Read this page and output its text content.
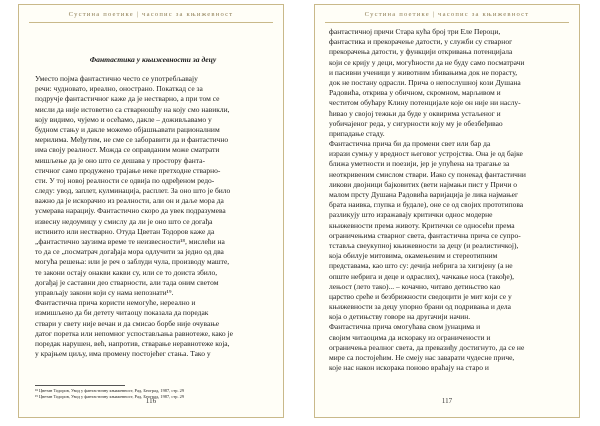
Сустина поетике | часопис за књижевност
Фантастика у књижевности за децу
Уместо појма фантастично често се употребљавају
речи: чудновато, ирeално, онострано. Покаткад се за
подручје фантастичног каже да је нестварно, а при том се
мисли да није истоветно са стварношћу на коју смо навикли,
коју видимо, чујемо и осећамо, дакле – доживљавамо у
будном стању и дакле можемо објашњавати рационалним
мерилима. Међутим, не смe се заборавити да и фантастично
има своју реалност. Мождa се оправдaним може сматрати
мишљење да је оно што се дешава у простору фанта-
стичног само продужено трајање неке претходне стварно-
сти. У тој новој реалности се одвија по одређеном редо-
следу: увод, заплет, кулминација, расплет. За оно што је било
важно да је искорачио из реалности, али он и даље мора да
усмерава нарацију. Фантастично скоро да увек подразумева
извесну недоумицу у смислу да ли је оно што се догађа
истинито или нестварно. Отуда Цветан Тодоров каже да
„фантастично заузима време те неизвесности¹⁸, мислећи на
то да се „посматрач догађаја мора одлучити за једно од два
могућа решења: или је реч о заблуди чула, производу маште,
те закони остају онакви какви су, или се то доиста збило,
догађај је саставни део стварности, али тада оним светом
управљају закони који су нама непознати¹⁹.
Фантастична прича користи немогуће, нереално и
измишљено да би детету читаоцу показала да поредак
ствари у свету није вечан и да смисао борбе није очување
датог поретка или непомног успостављања равнотеже, како је
поредак нарушен, већ, напротив, стварање неравнотеже која,
у крајњем циљу, има промену постојећег стања. Тако у
¹⁸ Цветан Тодоров, Увод у фантастичну књижевност, Рад, Београд, 1987, стр. 29
¹⁹ Цветан Тодоров, Увод у фантастичну књижевност, Рад, Београд, 1987, стр. 29
116
Сустина поетике | часопис за књижевност
фантастичној причи Стара кућа број три Еле Пероци,
фантастика и прекорачење датости, у служби су стварног
прекорачења датости, у функцији откривања потенцијала
који се крију у деци, могућности да не буду само посматрачи
и пасивни ученици у животним збивањима док не порасту,
док не постану одрасли. Прича о непослушној кози Душана
Радовића, открива у обичном, скромном, марљивом и
честитом обућару Клину потенцијале које он није ни наслу-
ћивао у својој тежњи да буде у оквирима устаљеног и
уобичајеног реда, у сигурности коју му је обезбеђивао
припадање стаду.
Фантастична прича би да промени свет или бар да
изрази сумњу у вредност његовог устројства. Она је од бајке
ближа уметности и поезији, јер је упућена на трагање за
неоткривеним смислом ствари. Иако су понекад фантастични
ликови двојници бајковитих (вети најмањи пист у Причи о
малом прсту Душана Радовића варијација је лика најмањег
брата наивка, глупка и будале), оне се од својих прототипова
разликују што изражавају критички однос модерне
књижевности према животу. Критички се односећи према
ограничењима стварног света, фантастична прича се супро-
тстављa свеукупној књижевности за децу (и реалистичкој),
која обилује митовима, окамењеним и стереотипним
представама, као што су: дечија небрига за хигијену (а не
опште небрига и деце и одраслих), чачкање носа (такође),
лењост (лето тако)... – кочачно, читаво детињство као
царство среће и безбрижности сведоцити је мит који се у
књижевности за децу упорно брани од подривања и дела
која о детињству говоре на другачији начин.
Фантастична прича омогућава свом јунацима и
својим читаоцима да искораку из ограничености и
ограничења реалног света, да превазиђу достигнуто, да се не
мире са постојећим. Не смеју нас заварати чудесне приче,
које нас након искорака поново враћају на старо и
117
